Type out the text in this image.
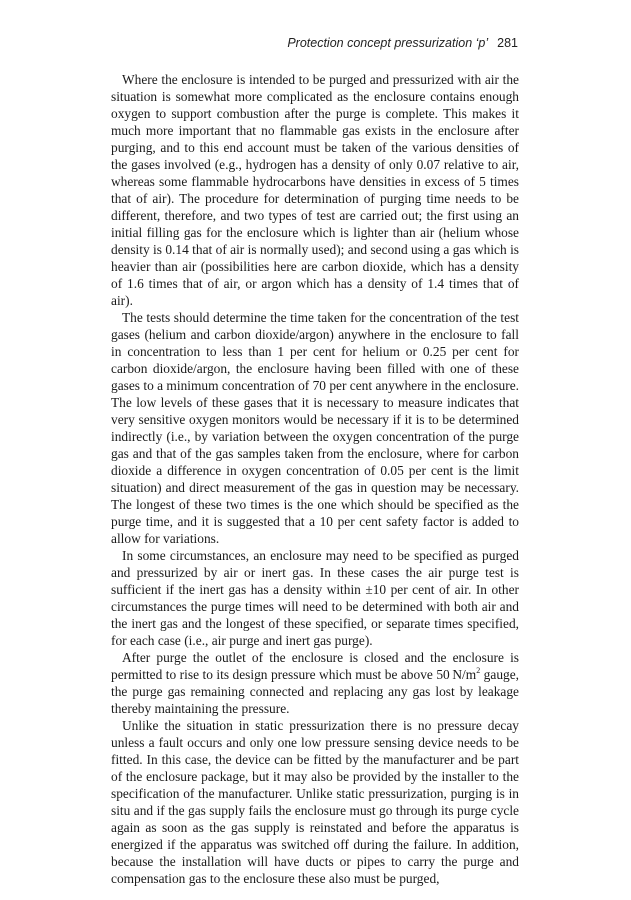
Protection concept pressurization ‘p’ 281

Where the enclosure is intended to be purged and pressurized with air the situation is somewhat more complicated as the enclosure contains enough oxygen to support combustion after the purge is complete. This makes it much more important that no flammable gas exists in the enclosure after purging, and to this end account must be taken of the various densities of the gases involved (e.g., hydrogen has a density of only 0.07 relative to air, whereas some flammable hydrocarbons have densities in excess of 5 times that of air). The procedure for determination of purging time needs to be different, therefore, and two types of test are carried out; the first using an initial filling gas for the enclosure which is lighter than air (helium whose density is 0.14 that of air is normally used); and second using a gas which is heavier than air (possibilities here are carbon dioxide, which has a density of 1.6 times that of air, or argon which has a density of 1.4 times that of air).

The tests should determine the time taken for the concentration of the test gases (helium and carbon dioxide/argon) anywhere in the enclosure to fall in concentration to less than 1 per cent for helium or 0.25 per cent for carbon dioxide/argon, the enclosure having been filled with one of these gases to a minimum concentration of 70 per cent anywhere in the enclosure. The low levels of these gases that it is necessary to measure indicates that very sensitive oxygen monitors would be necessary if it is to be determined indirectly (i.e., by variation between the oxygen concentration of the purge gas and that of the gas samples taken from the enclosure, where for carbon dioxide a difference in oxygen concentration of 0.05 per cent is the limit situation) and direct measurement of the gas in question may be necessary. The longest of these two times is the one which should be specified as the purge time, and it is suggested that a 10 per cent safety factor is added to allow for variations.

In some circumstances, an enclosure may need to be specified as purged and pressurized by air or inert gas. In these cases the air purge test is sufficient if the inert gas has a density within ±10 per cent of air. In other circumstances the purge times will need to be determined with both air and the inert gas and the longest of these specified, or separate times specified, for each case (i.e., air purge and inert gas purge).

After purge the outlet of the enclosure is closed and the enclosure is permitted to rise to its design pressure which must be above 50 $N/m^2$ gauge, the purge gas remaining connected and replacing any gas lost by leakage thereby maintaining the pressure.

Unlike the situation in static pressurization there is no pressure decay unless a fault occurs and only one low pressure sensing device needs to be fitted. In this case, the device can be fitted by the manufacturer and be part of the enclosure package, but it may also be provided by the installer to the specification of the manufacturer. Unlike static pressurization, purging is in situ and if the gas supply fails the enclosure must go through its purge cycle again as soon as the gas supply is reinstated and before the apparatus is energized if the apparatus was switched off during the failure. In addition, because the installation will have ducts or pipes to carry the purge and compensation gas to the enclosure these also must be purged,
